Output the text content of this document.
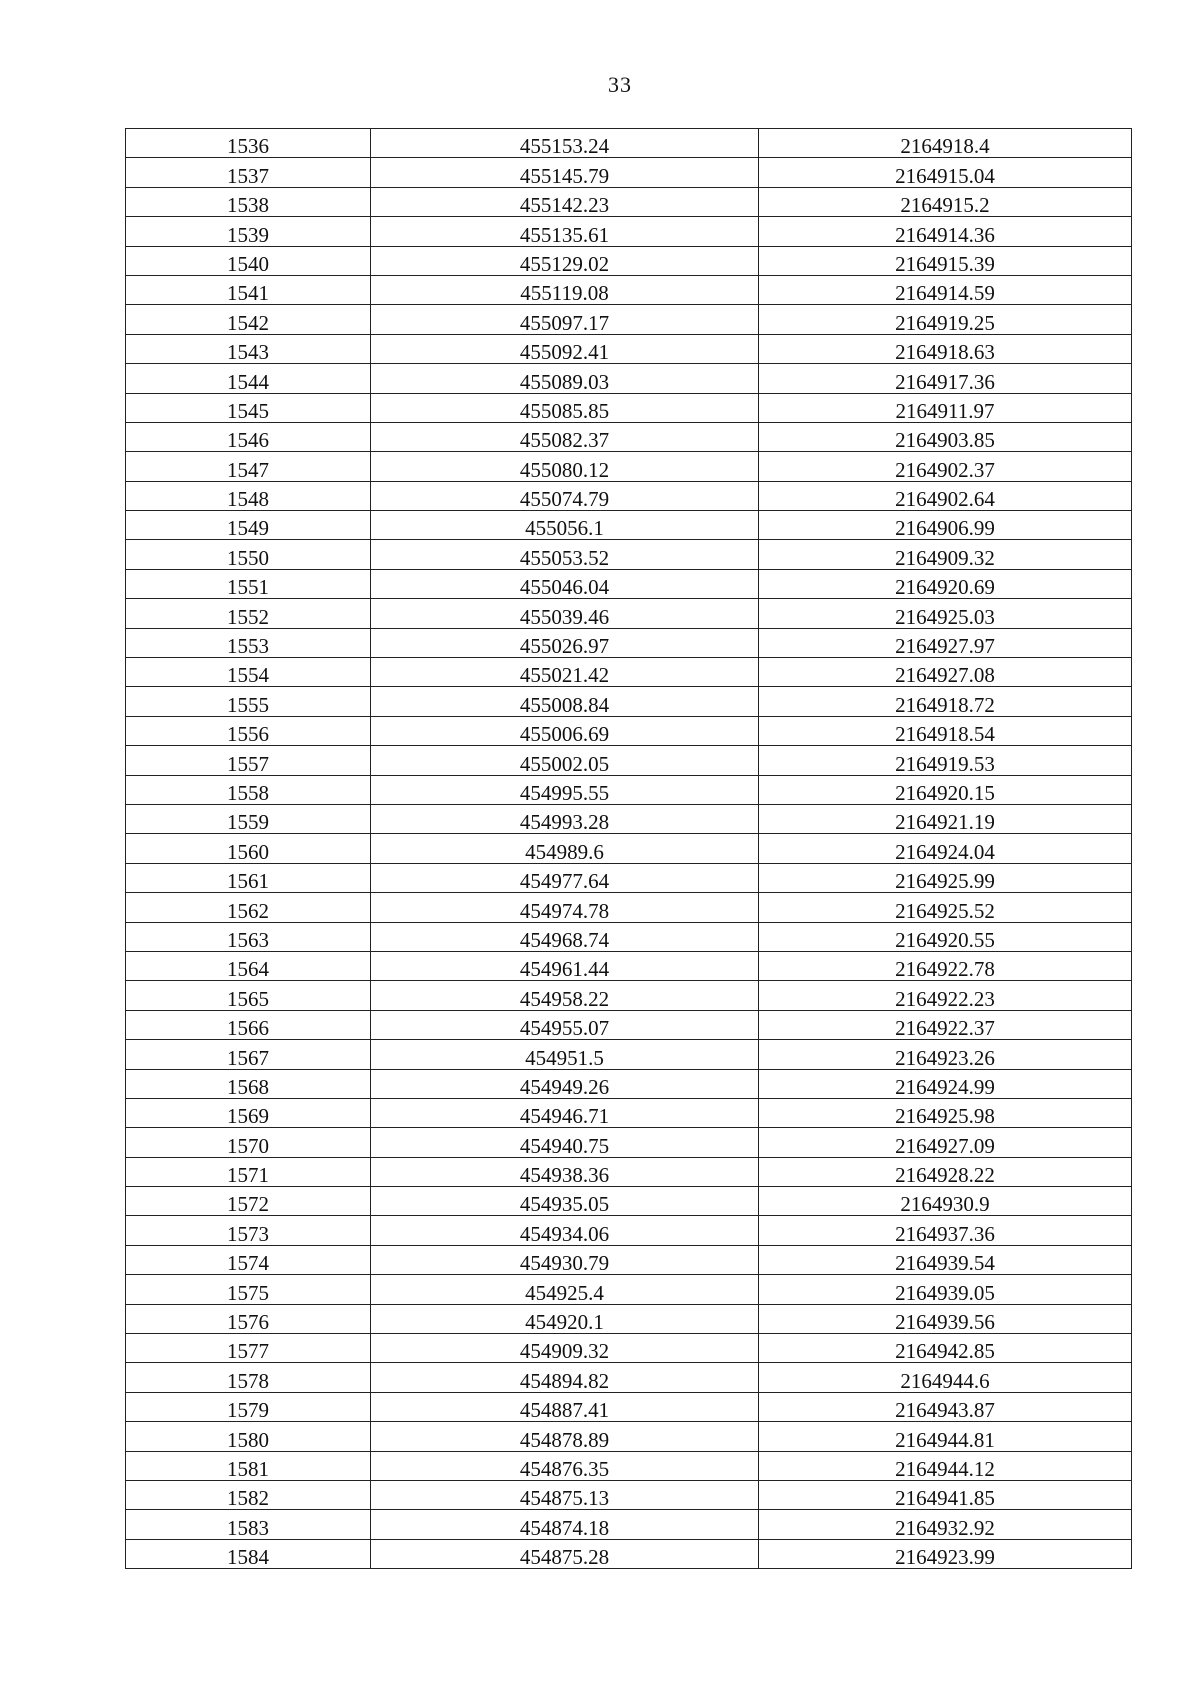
33
1536	455153.24	2164918.4
1537	455145.79	2164915.04
1538	455142.23	2164915.2
1539	455135.61	2164914.36
1540	455129.02	2164915.39
1541	455119.08	2164914.59
1542	455097.17	2164919.25
1543	455092.41	2164918.63
1544	455089.03	2164917.36
1545	455085.85	2164911.97
1546	455082.37	2164903.85
1547	455080.12	2164902.37
1548	455074.79	2164902.64
1549	455056.1	2164906.99
1550	455053.52	2164909.32
1551	455046.04	2164920.69
1552	455039.46	2164925.03
1553	455026.97	2164927.97
1554	455021.42	2164927.08
1555	455008.84	2164918.72
1556	455006.69	2164918.54
1557	455002.05	2164919.53
1558	454995.55	2164920.15
1559	454993.28	2164921.19
1560	454989.6	2164924.04
1561	454977.64	2164925.99
1562	454974.78	2164925.52
1563	454968.74	2164920.55
1564	454961.44	2164922.78
1565	454958.22	2164922.23
1566	454955.07	2164922.37
1567	454951.5	2164923.26
1568	454949.26	2164924.99
1569	454946.71	2164925.98
1570	454940.75	2164927.09
1571	454938.36	2164928.22
1572	454935.05	2164930.9
1573	454934.06	2164937.36
1574	454930.79	2164939.54
1575	454925.4	2164939.05
1576	454920.1	2164939.56
1577	454909.32	2164942.85
1578	454894.82	2164944.6
1579	454887.41	2164943.87
1580	454878.89	2164944.81
1581	454876.35	2164944.12
1582	454875.13	2164941.85
1583	454874.18	2164932.92
1584	454875.28	2164923.99
